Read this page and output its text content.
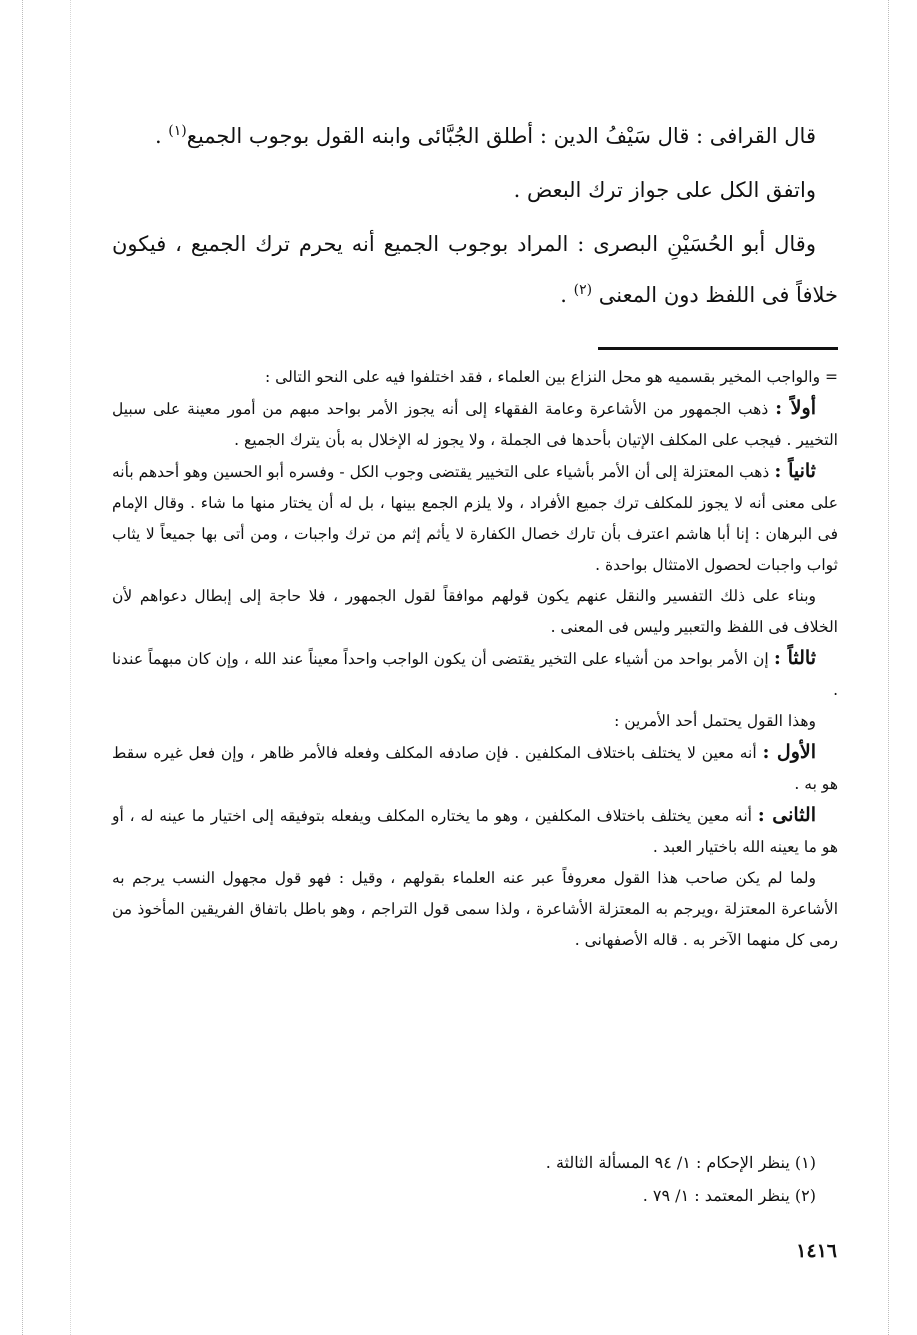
قال القرافى : قال سَيْفُ الدين : أطلق الجُبَّائى وابنه القول بوجوب الجميع$^{(١)}$ .

واتفق الكل على جواز ترك البعض .

وقال أبو الحُسَيْنِ البصرى : المراد بوجوب الجميع أنه يحرم ترك الجميع ، فيكون خلافاً فى اللفظ دون المعنى $^{(٢)}$ .

= والواجب المخير بقسميه هو محل النزاع بين العلماء ، فقد اختلفوا فيه على النحو التالى :

أولاً : ذهب الجمهور من الأشاعرة وعامة الفقهاء إلى أنه يجوز الأمر بواحد مبهم من أمور معينة على سبيل التخيير . فيجب على المكلف الإتيان بأحدها فى الجملة ، ولا يجوز له الإخلال به بأن يترك الجميع .

ثانياً : ذهب المعتزلة إلى أن الأمر بأشياء على التخيير يقتضى وجوب الكل - وفسره أبو الحسين وهو أحدهم بأنه على معنى أنه لا يجوز للمكلف ترك جميع الأفراد ، ولا يلزم الجمع بينها ، بل له أن يختار منها ما شاء . وقال الإمام فى البرهان : إنا أبا هاشم اعترف بأن تارك خصال الكفارة لا يأثم إثم من ترك واجبات ، ومن أتى بها جميعاً لا يثاب ثواب واجبات لحصول الامتثال بواحدة .

وبناء على ذلك التفسير والنقل عنهم يكون قولهم موافقاً لقول الجمهور ، فلا حاجة إلى إبطال دعواهم لأن الخلاف فى اللفظ والتعبير وليس فى المعنى .

ثالثاً : إن الأمر بواحد من أشياء على التخير يقتضى أن يكون الواجب واحداً معيناً عند الله ، وإن كان مبهماً عندنا .

وهذا القول يحتمل أحد الأمرين :

الأول : أنه معين لا يختلف باختلاف المكلفين . فإن صادفه المكلف وفعله فالأمر ظاهر ، وإن فعل غيره سقط هو به .

الثانى : أنه معين يختلف باختلاف المكلفين ، وهو ما يختاره المكلف ويفعله بتوفيقه إلى اختيار ما عينه له ، أو هو ما يعينه الله باختيار العبد .

ولما لم يكن صاحب هذا القول معروفاً عبر عنه العلماء بقولهم ، وقيل : فهو قول مجهول النسب يرجم به الأشاعرة المعتزلة ،ويرجم به المعتزلة الأشاعرة ، ولذا سمى قول التراجم ، وهو باطل باتفاق الفريقين المأخوذ من رمى كل منهما الآخر به . قاله الأصفهانى .

(١) ينظر الإحكام : ١/ ٩٤ المسألة الثالثة .

(٢) ينظر المعتمد : ١/ ٧٩ .

١٤١٦
